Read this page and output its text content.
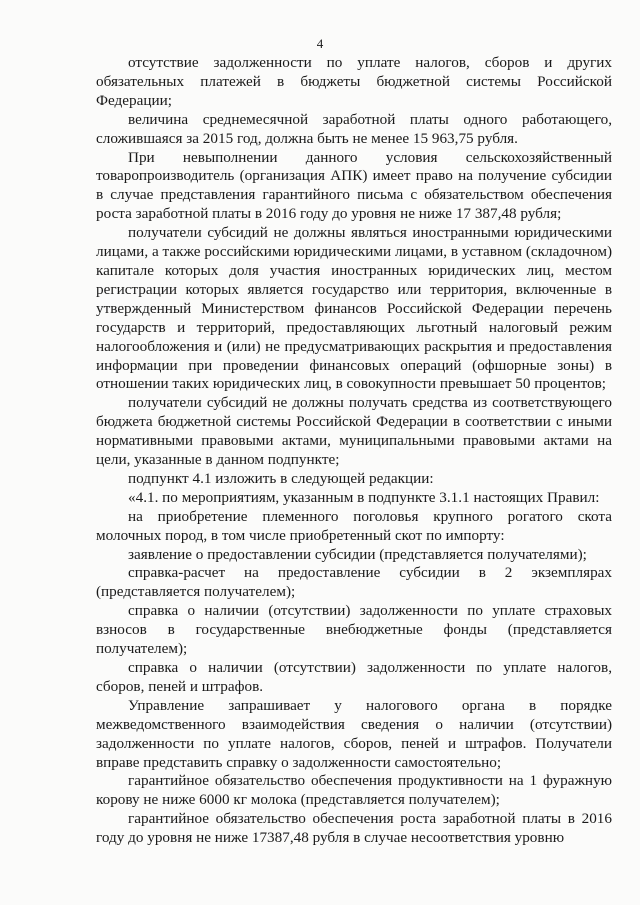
4

отсутствие задолженности по уплате налогов, сборов и других обязательных платежей в бюджеты бюджетной системы Российской Федерации;

величина среднемесячной заработной платы одного работающего, сложившаяся за 2015 год, должна быть не менее 15 963,75 рубля.

При невыполнении данного условия сельскохозяйственный товаропроизводитель (организация АПК) имеет право на получение субсидии в случае представления гарантийного письма с обязательством обеспечения роста заработной платы в 2016 году до уровня не ниже 17 387,48 рубля;

получатели субсидий не должны являться иностранными юридическими лицами, а также российскими юридическими лицами, в уставном (складочном) капитале которых доля участия иностранных юридических лиц, местом регистрации которых является государство или территория, включенные в утвержденный Министерством финансов Российской Федерации перечень государств и территорий, предоставляющих льготный налоговый режим налогообложения и (или) не предусматривающих раскрытия и предоставления информации при проведении финансовых операций (офшорные зоны) в отношении таких юридических лиц, в совокупности превышает 50 процентов;

получатели субсидий не должны получать средства из соответствующего бюджета бюджетной системы Российской Федерации в соответствии с иными нормативными правовыми актами, муниципальными правовыми актами на цели, указанные в данном подпункте;

подпункт 4.1 изложить в следующей редакции:

«4.1. по мероприятиям, указанным в подпункте 3.1.1 настоящих Правил:

на приобретение племенного поголовья крупного рогатого скота молочных пород, в том числе приобретенный скот по импорту:

заявление о предоставлении субсидии (представляется получателями);

справка-расчет на предоставление субсидии в 2 экземплярах (представляется получателем);

справка о наличии (отсутствии) задолженности по уплате страховых взносов в государственные внебюджетные фонды (представляется получателем);

справка о наличии (отсутствии) задолженности по уплате налогов, сборов, пеней и штрафов.

Управление запрашивает у налогового органа в порядке межведомственного взаимодействия сведения о наличии (отсутствии) задолженности по уплате налогов, сборов, пеней и штрафов. Получатели вправе представить справку о задолженности самостоятельно;

гарантийное обязательство обеспечения продуктивности на 1 фуражную корову не ниже 6000 кг молока (представляется получателем);

гарантийное обязательство обеспечения роста заработной платы в 2016 году до уровня не ниже 17387,48 рубля в случае несоответствия уровню
